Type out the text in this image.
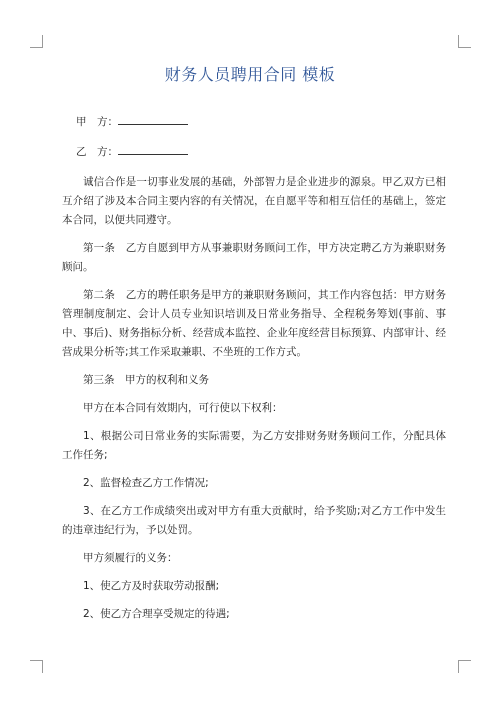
财务人员聘用合同 模板

甲　方：

乙　方：

诚信合作是一切事业发展的基础，外部智力是企业进步的源泉。甲乙双方已相互介绍了涉及本合同主要内容的有关情况，在自愿平等和相互信任的基础上，签定本合同，以便共同遵守。

第一条　乙方自愿到甲方从事兼职财务顾问工作，甲方决定聘乙方为兼职财务顾问。

第二条　乙方的聘任职务是甲方的兼职财务顾问，其工作内容包括：甲方财务管理制度制定、会计人员专业知识培训及日常业务指导、全程税务筹划(事前、事中、事后)、财务指标分析、经营成本监控、企业年度经营目标预算、内部审计、经营成果分析等;其工作采取兼职、不坐班的工作方式。

第三条　甲方的权利和义务

甲方在本合同有效期内，可行使以下权利：

1、根据公司日常业务的实际需要，为乙方安排财务财务顾问工作，分配具体工作任务;

2、监督检查乙方工作情况;

3、在乙方工作成绩突出或对甲方有重大贡献时，给予奖励;对乙方工作中发生的违章违纪行为，予以处罚。

甲方须履行的义务：

1、使乙方及时获取劳动报酬;

2、使乙方合理享受规定的待遇;
